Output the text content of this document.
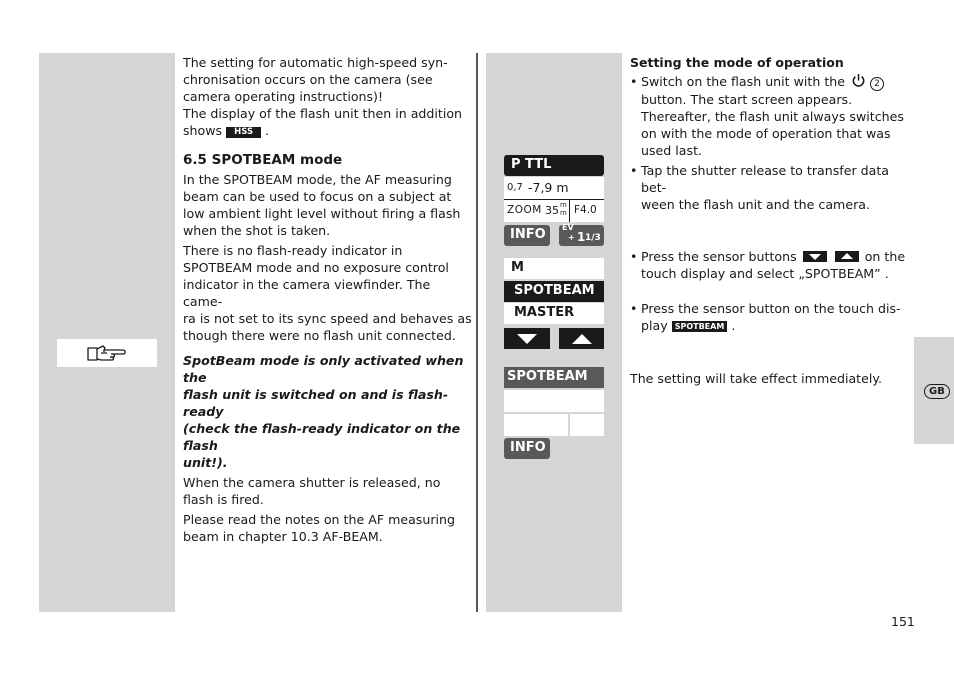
The setting for automatic high-speed syn-
chronisation occurs on the camera (see
camera operating instructions)!
The display of the flash unit then in addition
shows HSS .
6.5 SPOTBEAM mode

In the SPOTBEAM mode, the AF measuring
beam can be used to focus on a subject at
low ambient light level without firing a flash
when the shot is taken.

There is no flash-ready indicator in
SPOTBEAM mode and no exposure control
indicator in the camera viewfinder. The came-
ra is not set to its sync speed and behaves as
though there were no flash unit connected.

SpotBeam mode is only activated when the
flash unit is switched on and is flash-ready
(check the flash-ready indicator on the flash
unit!).

When the camera shutter is released, no
flash is fired.

Please read the notes on the AF measuring
beam in chapter 10.3 AF-BEAM.

P TTL
0,7 -7,9 m
ZOOM 35 m
m F4.0
INFO EV
+ 1 1/3
M
SPOTBEAM
MASTER
SPOTBEAM
INFO
Setting the mode of operation
• Switch on the flash unit with the	2
button. The start screen appears.
Thereafter, the flash unit always switches
on with the mode of operation that was
used last.
• Tap the shutter release to transfer data bet-
ween the flash unit and the camera.
• Press the sensor buttons
	on the
touch display and select „SPOTBEAM” .
• Press the sensor button on the touch dis-
play SPOTBEAM .
The setting will take effect immediately.
GB
151
